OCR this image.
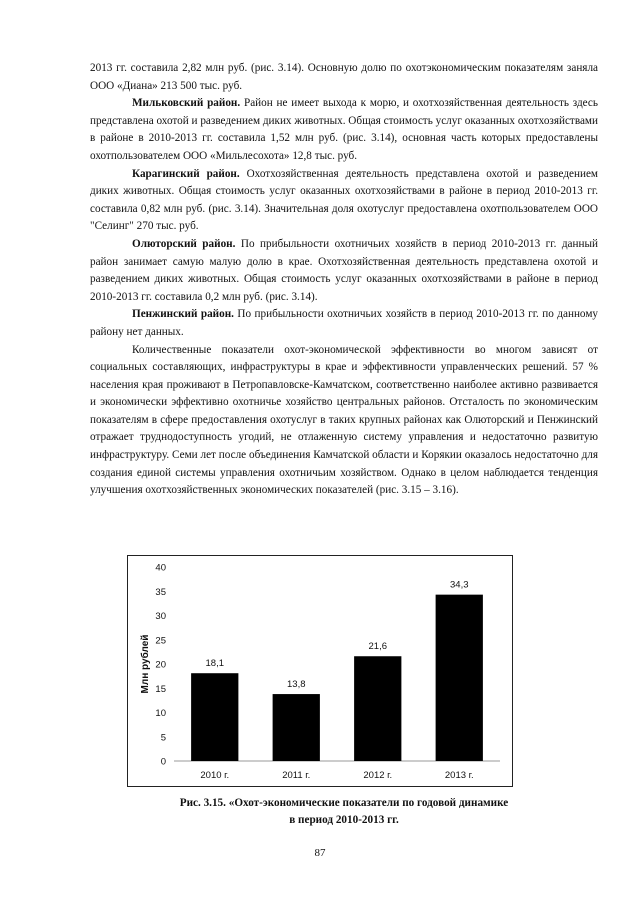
2013 гг. составила 2,82 млн руб. (рис. 3.14). Основную долю по охотэкономическим показателям заняла ООО «Диана» 213 500 тыс. руб.

Мильковский район. Район не имеет выхода к морю, и охотхозяйственная деятельность здесь представлена охотой и разведением диких животных. Общая стоимость услуг оказанных охотхозяйствами в районе в 2010-2013 гг. составила 1,52 млн руб. (рис. 3.14), основная часть которых предоставлены охотпользователем ООО «Мильлесохота» 12,8 тыс. руб.

Карагинский район. Охотхозяйственная деятельность представлена охотой и разведением диких животных. Общая стоимость услуг оказанных охотхозяйствами в районе в период 2010-2013 гг. составила 0,82 млн руб. (рис. 3.14). Значительная доля охотуслуг предоставлена охотпользователем ООО "Селинг" 270 тыс. руб.

Олюторский район. По прибыльности охотничьих хозяйств в период 2010-2013 гг. данный район занимает самую малую долю в крае. Охотхозяйственная деятельность представлена охотой и разведением диких животных. Общая стоимость услуг оказанных охотхозяйствами в районе в период 2010-2013 гг. составила 0,2 млн руб. (рис. 3.14).

Пенжинский район. По прибыльности охотничьих хозяйств в период 2010-2013 гг. по данному району нет данных.

Количественные показатели охот-экономической эффективности во многом зависят от социальных составляющих, инфраструктуры в крае и эффективности управленческих решений. 57 % населения края проживают в Петропавловске-Камчатском, соответственно наиболее активно развивается и экономически эффективно охотничье хозяйство центральных районов. Отсталость по экономическим показателям в сфере предоставления охотуслуг в таких крупных районах как Олюторский и Пенжинский отражает труднодоступность угодий, не отлаженную систему управления и недостаточно развитую инфраструктуру. Семи лет после объединения Камчатской области и Корякии оказалось недостаточно для создания единой системы управления охотничьим хозяйством. Однако в целом наблюдается тенденция улучшения охотхозяйственных экономических показателей (рис. 3.15 – 3.16).

Млн рублей
0
5
10
15
20
25
30
35
40
18,1
2010 г.
13,8
2011 г.
21,6
2012 г.
34,3
2013 г.
Рис. 3.15. «Охот-экономические показатели по годовой динамике
в период 2010-2013 гг.
87
